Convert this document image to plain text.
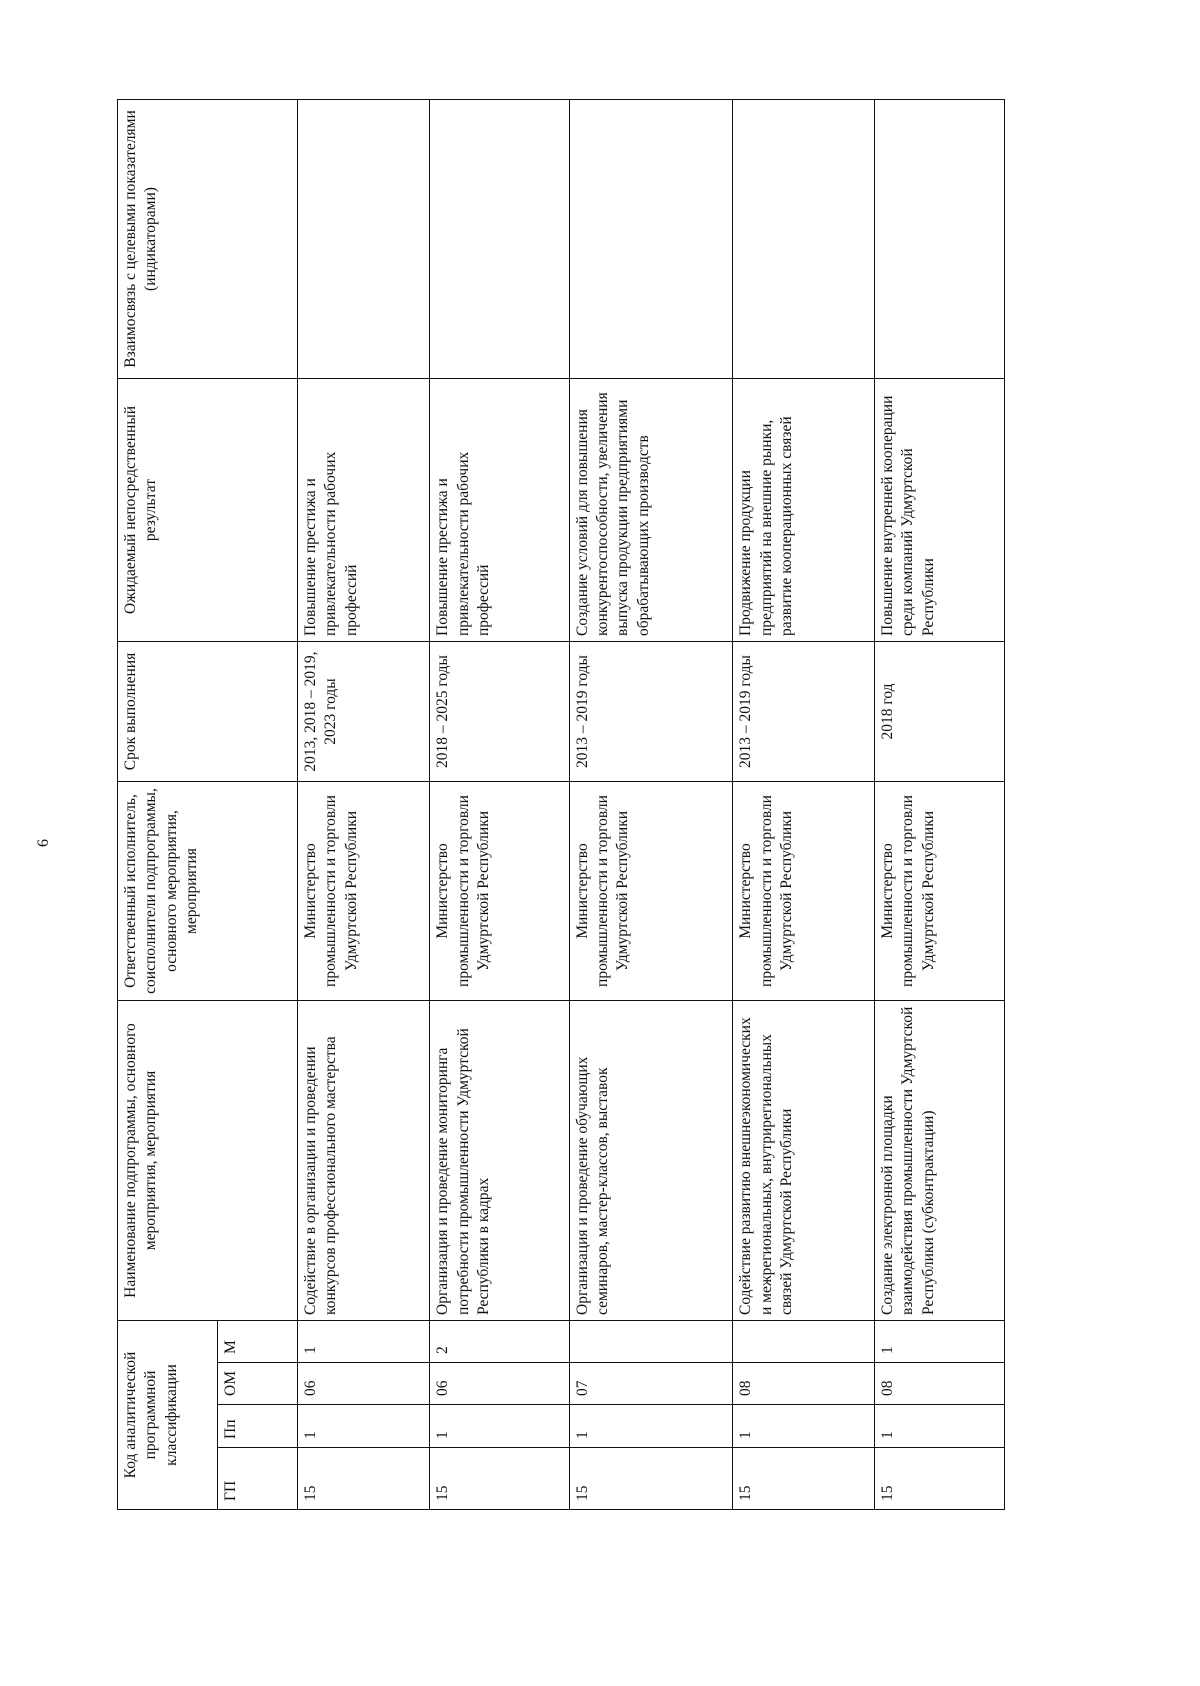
6
Код аналитической программной классификации				Наименование подпрограммы, основного мероприятия, мероприятия	Ответственный исполнитель, соисполнители подпрограммы, основного мероприятия, мероприятия	Срок выполнения	Ожидаемый непосредственный результат	Взаимосвязь с целевыми показателями (индикаторами)
ГП	Пп	ОМ	М					
15	1	06	1	Содействие в организации и проведении конкурсов профессионального мастерства	Министерство промышленности и торговли Удмуртской Республики	2013, 2018 – 2019, 2023 годы	Повышение престижа и привлекательности рабочих профессий	
15	1	06	2	Организация и проведение мониторинга потребности промышленности Удмуртской Республики в кадрах	Министерство промышленности и торговли Удмуртской Республики	2018 – 2025 годы	Повышение престижа и привлекательности рабочих профессий	
15	1	07		Организация и проведение обучающих семинаров, мастер-классов, выставок	Министерство промышленности и торговли Удмуртской Республики	2013 – 2019 годы	Создание условий для повышения конкурентоспособности, увеличения выпуска продукции предприятиями обрабатывающих производств	
15	1	08		Содействие развитию внешнеэкономических и межрегиональных, внутрирегиональных связей Удмуртской Республики	Министерство промышленности и торговли Удмуртской Республики	2013 – 2019 годы	Продвижение продукции предприятий на внешние рынки, развитие кооперационных связей	
15	1	08	1	Создание электронной площадки взаимодействия промышленности Удмуртской Республики (субконтрактации)	Министерство промышленности и торговли Удмуртской Республики	2018 год	Повышение внутренней кооперации среди компаний Удмуртской Республики	
